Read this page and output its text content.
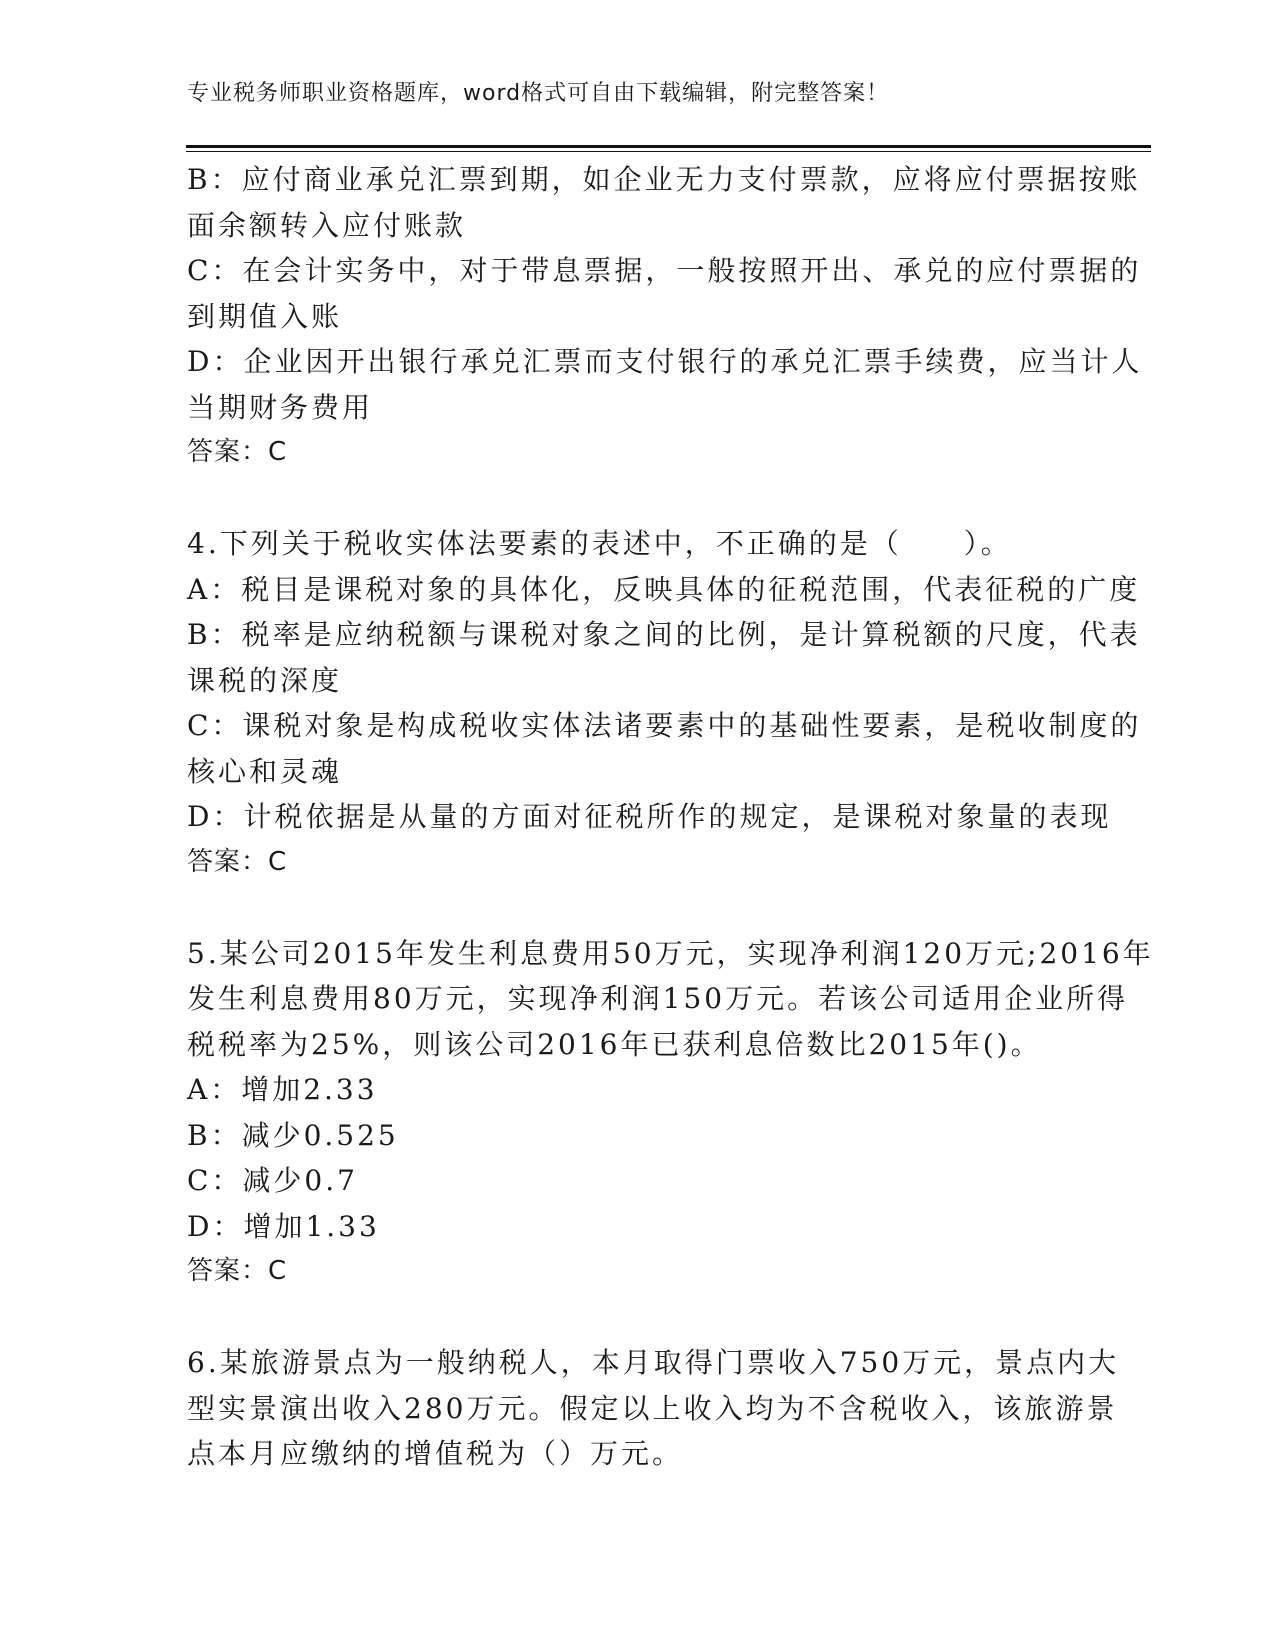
专业税务师职业资格题库，word格式可自由下载编辑，附完整答案！
B：应付商业承兑汇票到期，如企业无力支付票款，应将应付票据按账
面余额转入应付账款
C：在会计实务中，对于带息票据，一般按照开出、承兑的应付票据的
到期值入账
D：企业因开出银行承兑汇票而支付银行的承兑汇票手续费，应当计人
当期财务费用
答案：C
4.下列关于税收实体法要素的表述中，不正确的是（　　）。
A：税目是课税对象的具体化，反映具体的征税范围，代表征税的广度
B：税率是应纳税额与课税对象之间的比例，是计算税额的尺度，代表
课税的深度
C：课税对象是构成税收实体法诸要素中的基础性要素，是税收制度的
核心和灵魂
D：计税依据是从量的方面对征税所作的规定，是课税对象量的表现
答案：C
5.某公司2015年发生利息费用50万元，实现净利润120万元;2016年
发生利息费用80万元，实现净利润150万元。若该公司适用企业所得
税税率为25%，则该公司2016年已获利息倍数比2015年()。
A：增加2.33
B：减少0.525
C：减少0.7
D：增加1.33
答案：C
6.某旅游景点为一般纳税人，本月取得门票收入750万元，景点内大
型实景演出收入280万元。假定以上收入均为不含税收入，该旅游景
点本月应缴纳的增值税为（）万元。
